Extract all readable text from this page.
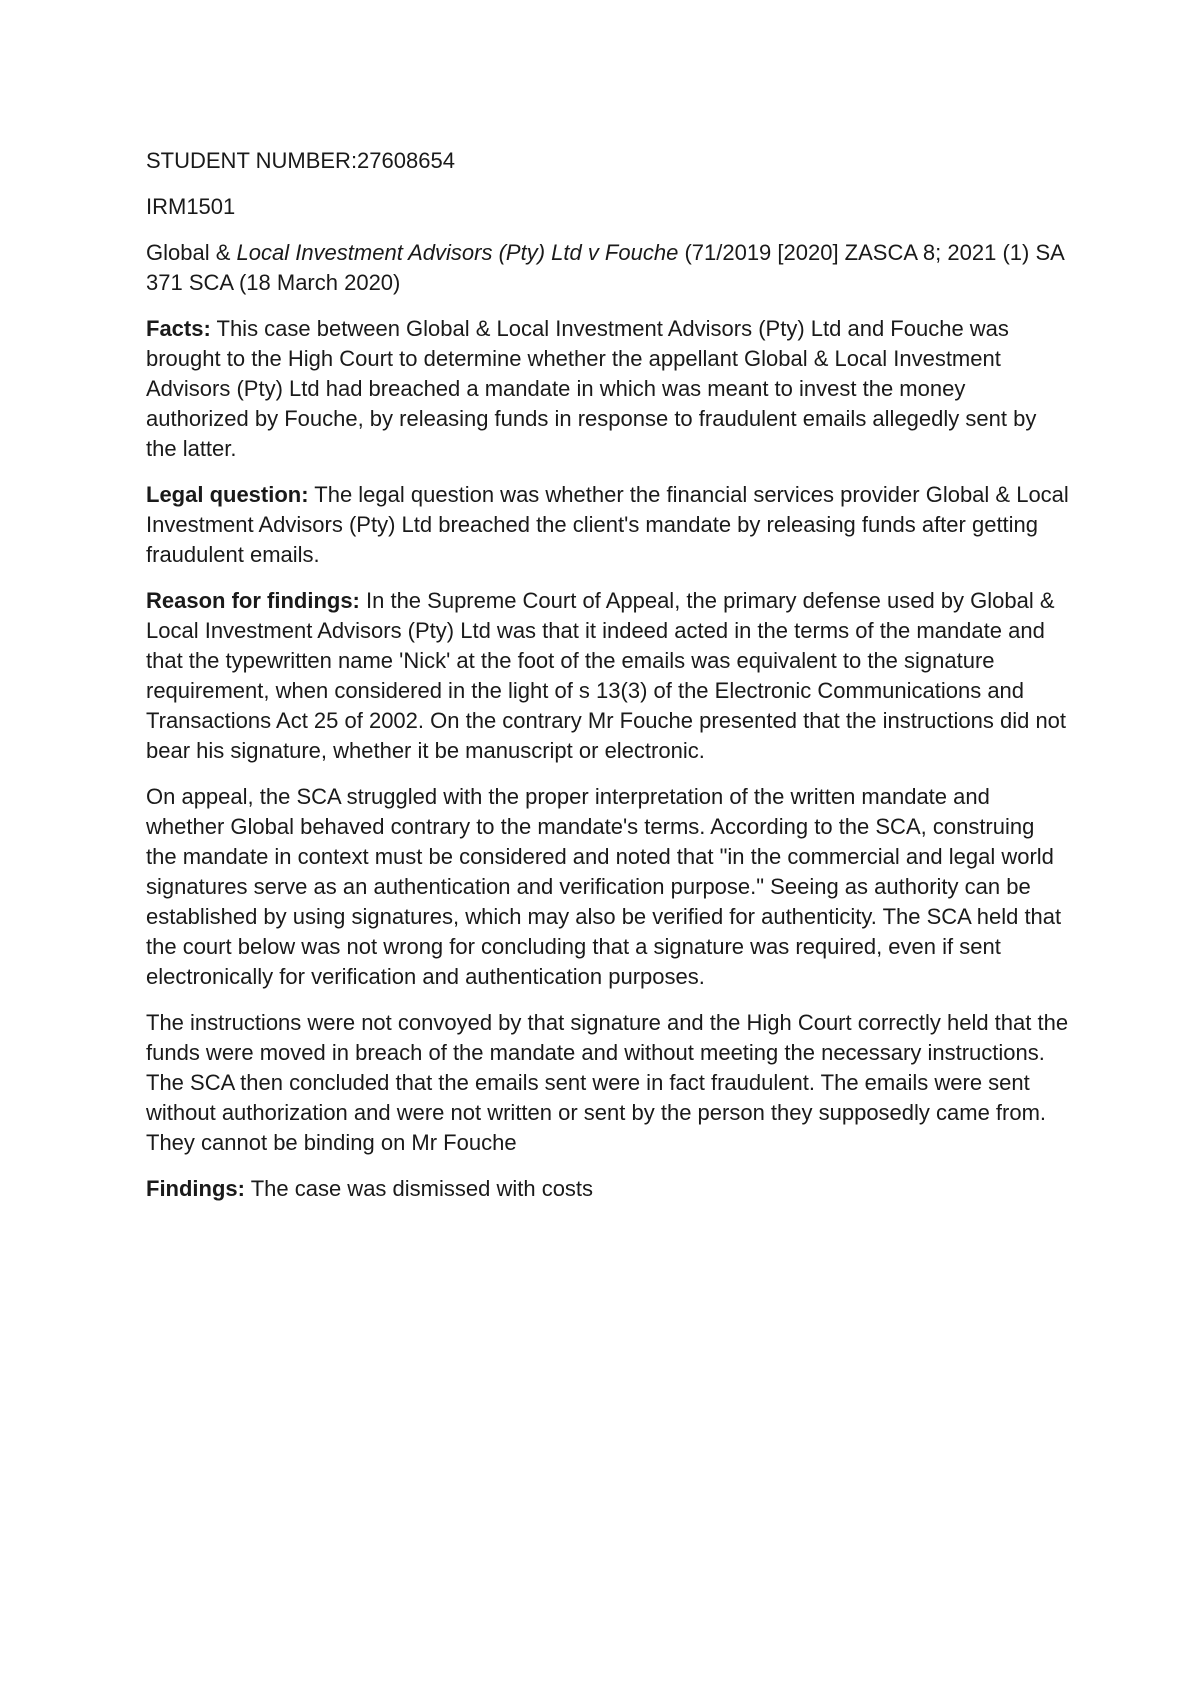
STUDENT NUMBER:27608654

IRM1501

Global & Local Investment Advisors (Pty) Ltd v Fouche (71/2019 [2020] ZASCA 8; 2021 (1) SA 371 SCA (18 March 2020)

Facts: This case between Global & Local Investment Advisors (Pty) Ltd and Fouche was brought to the High Court to determine whether the appellant Global & Local Investment Advisors (Pty) Ltd had breached a mandate in which was meant to invest the money authorized by Fouche, by releasing funds in response to fraudulent emails allegedly sent by the latter.

Legal question: The legal question was whether the financial services provider Global & Local Investment Advisors (Pty) Ltd breached the client's mandate by releasing funds after getting fraudulent emails.

Reason for findings: In the Supreme Court of Appeal, the primary defense used by Global & Local Investment Advisors (Pty) Ltd was that it indeed acted in the terms of the mandate and that the typewritten name 'Nick' at the foot of the emails was equivalent to the signature requirement, when considered in the light of s 13(3) of the Electronic Communications and Transactions Act 25 of 2002. On the contrary Mr Fouche presented that the instructions did not bear his signature, whether it be manuscript or electronic.

On appeal, the SCA struggled with the proper interpretation of the written mandate and whether Global behaved contrary to the mandate's terms. According to the SCA, construing the mandate in context must be considered and noted that "in the commercial and legal world signatures serve as an authentication and verification purpose." Seeing as authority can be established by using signatures, which may also be verified for authenticity. The SCA held that the court below was not wrong for concluding that a signature was required, even if sent electronically for verification and authentication purposes.

The instructions were not convoyed by that signature and the High Court correctly held that the funds were moved in breach of the mandate and without meeting the necessary instructions. The SCA then concluded that the emails sent were in fact fraudulent. The emails were sent without authorization and were not written or sent by the person they supposedly came from. They cannot be binding on Mr Fouche

Findings: The case was dismissed with costs
